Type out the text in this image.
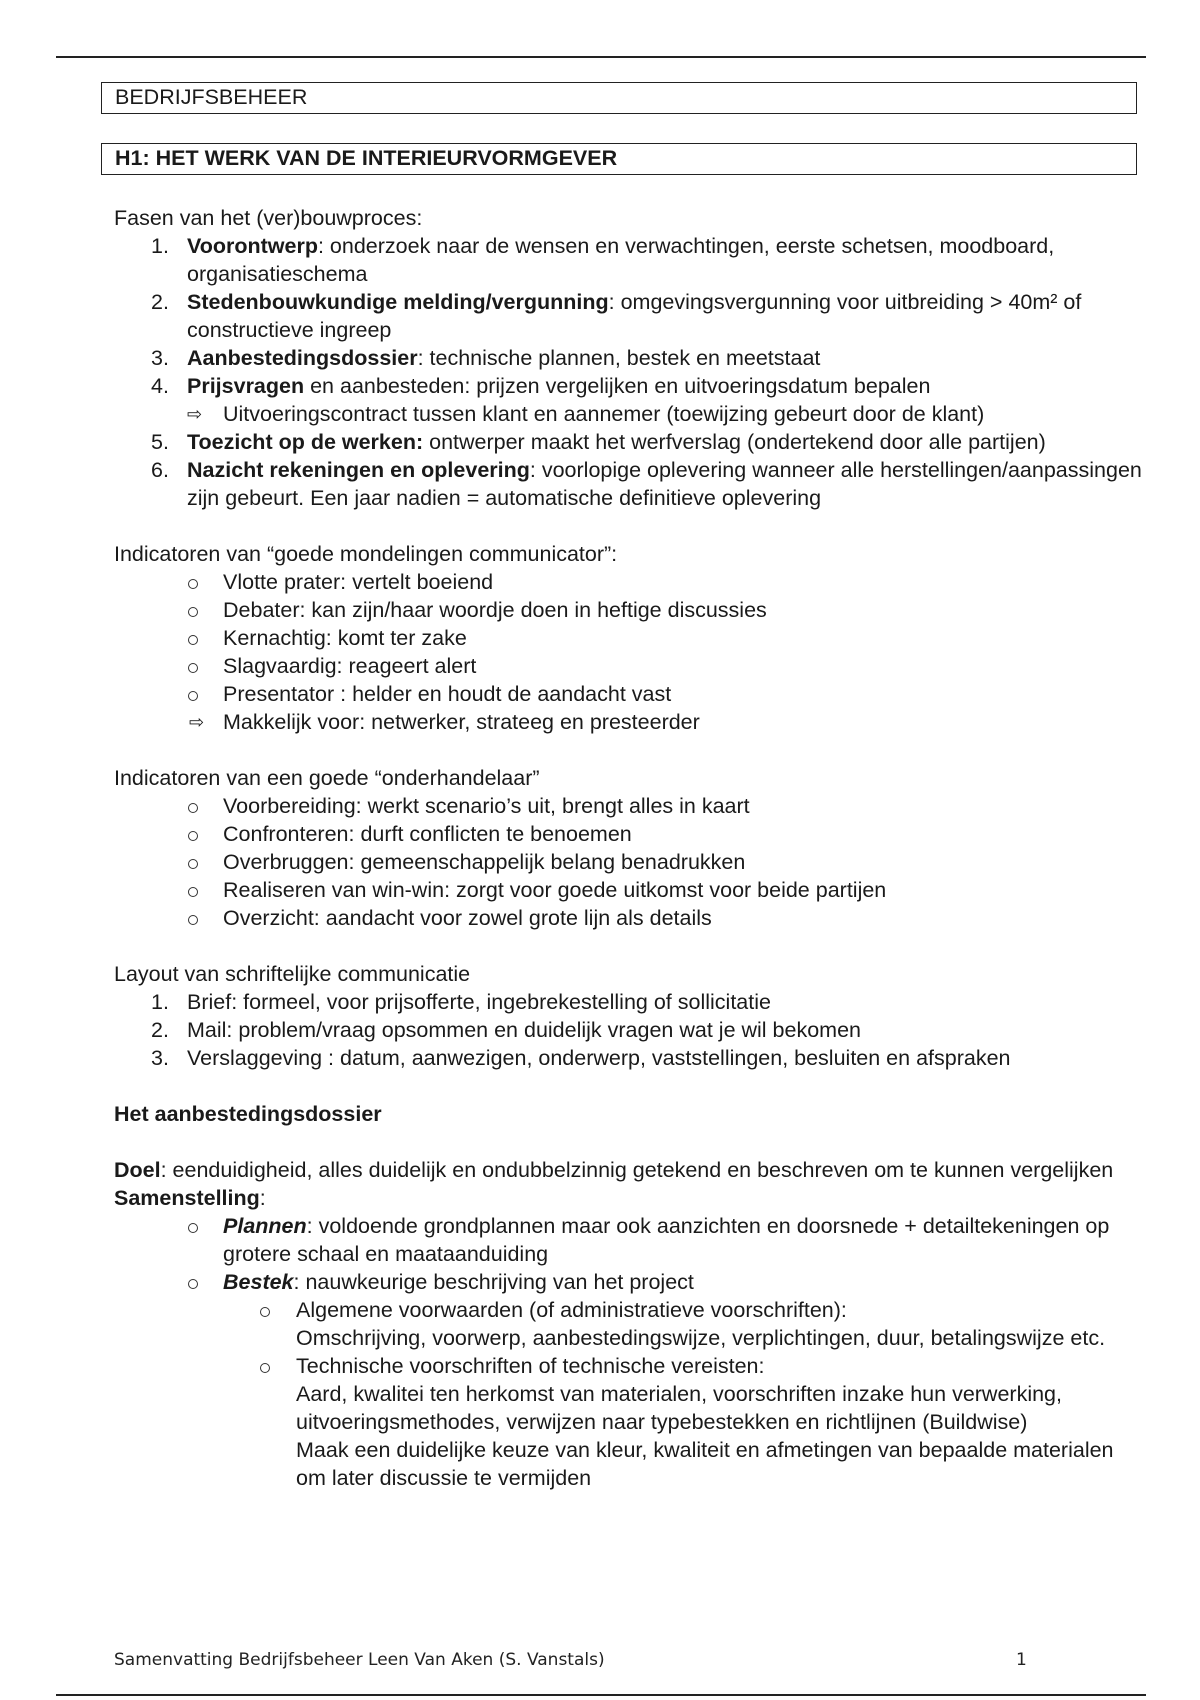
BEDRIJFSBEHEER
H1: HET WERK VAN DE INTERIEURVORMGEVER

Fasen van het (ver)bouwproces:

1. Voorontwerp: onderzoek naar de wensen en verwachtingen, eerste schetsen, moodboard, organisatieschema
2. Stedenbouwkundige melding/vergunning: omgevingsvergunning voor uitbreiding > 40m² of constructieve ingreep
3. Aanbestedingsdossier: technische plannen, bestek en meetstaat
4. Prijsvragen en aanbesteden: prijzen vergelijken en uitvoeringsdatum bepalen
⇨ Uitvoeringscontract tussen klant en aannemer (toewijzing gebeurt door de klant)
5. Toezicht op de werken: ontwerper maakt het werfverslag (ondertekend door alle partijen)
6. Nazicht rekeningen en oplevering: voorlopige oplevering wanneer alle herstellingen/aanpassingen zijn gebeurt. Een jaar nadien = automatische definitieve oplevering

Indicatoren van “goede mondelingen communicator”:

Vlotte prater: vertelt boeiend
Debater: kan zijn/haar woordje doen in heftige discussies
Kernachtig: komt ter zake
Slagvaardig: reageert alert
Presentator : helder en houdt de aandacht vast
⇨ Makkelijk voor: netwerker, strateeg en presteerder

Indicatoren van een goede “onderhandelaar”

Voorbereiding: werkt scenario’s uit, brengt alles in kaart
Confronteren: durft conflicten te benoemen
Overbruggen: gemeenschappelijk belang benadrukken
Realiseren van win-win: zorgt voor goede uitkomst voor beide partijen
Overzicht: aandacht voor zowel grote lijn als details

Layout van schriftelijke communicatie

1. Brief: formeel, voor prijsofferte, ingebrekestelling of sollicitatie
2. Mail: problem/vraag opsommen en duidelijk vragen wat je wil bekomen
3. Verslaggeving : datum, aanwezigen, onderwerp, vaststellingen, besluiten en afspraken

Het aanbestedingsdossier

Doel: eenduidigheid, alles duidelijk en ondubbelzinnig getekend en beschreven om te kunnen vergelijken

Samenstelling:

Plannen: voldoende grondplannen maar ook aanzichten en doorsnede + detailtekeningen op grotere schaal en maataanduiding
Bestek: nauwkeurige beschrijving van het project
Algemene voorwaarden (of administratieve voorschriften):
Omschrijving, voorwerp, aanbestedingswijze, verplichtingen, duur, betalingswijze etc.
Technische voorschriften of technische vereisten:
Aard, kwalitei ten herkomst van materialen, voorschriften inzake hun verwerking, uitvoeringsmethodes, verwijzen naar typebestekken en richtlijnen (Buildwise)
Maak een duidelijke keuze van kleur, kwaliteit en afmetingen van bepaalde materialen om later discussie te vermijden
Samenvatting Bedrijfsbeheer Leen Van Aken (S. Vanstals)	1
